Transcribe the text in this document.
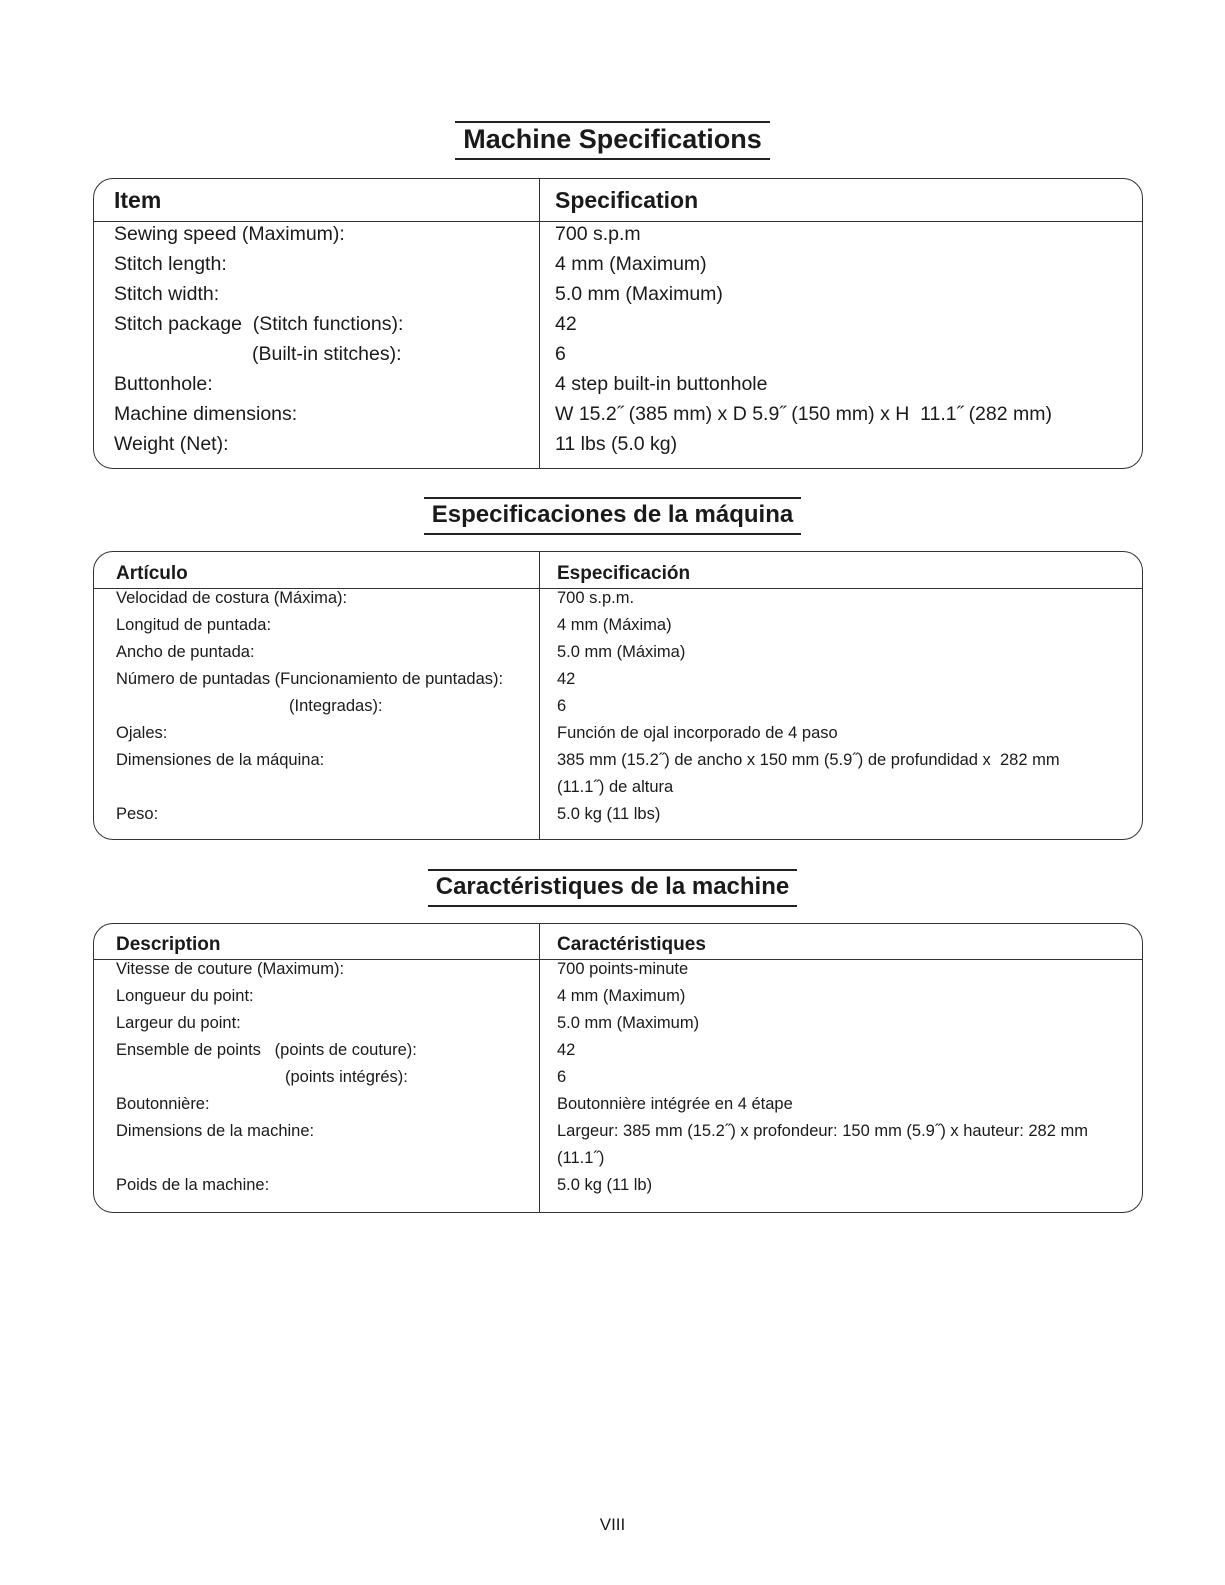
Machine Specifications
Item	Specification
Sewing speed (Maximum):	700 s.p.m
Stitch length:	4 mm (Maximum)
Stitch width:	5.0 mm (Maximum)
Stitch package  (Stitch functions):	42
(Built-in stitches):	6
Buttonhole:	4 step built-in buttonhole
Machine dimensions:	W 15.2˝ (385 mm) x D 5.9˝ (150 mm) x H  11.1˝ (282 mm)
Weight (Net):	11 lbs (5.0 kg)
Especificaciones de la máquina
Artículo	Especificación
Velocidad de costura (Máxima):	700 s.p.m.
Longitud de puntada:	4 mm (Máxima)
Ancho de puntada:	5.0 mm (Máxima)
Número de puntadas (Funcionamiento de puntadas):	42
(Integradas):	6
Ojales:	Función de ojal incorporado de 4 paso
Dimensiones de la máquina:	385 mm (15.2˝) de ancho x 150 mm (5.9˝) de profundidad x  282 mm
(11.1˝) de altura
Peso:	5.0 kg (11 lbs)
Caractéristiques de la machine
Description	Caractéristiques
Vitesse de couture (Maximum):	700 points-minute
Longueur du point:	4 mm (Maximum)
Largeur du point:	5.0 mm (Maximum)
Ensemble de points   (points de couture):	42
(points intégrés):	6
Boutonnière:	Boutonnière intégrée en 4 étape
Dimensions de la machine:	Largeur: 385 mm (15.2˝) x profondeur: 150 mm (5.9˝) x hauteur: 282 mm
(11.1˝)
Poids de la machine:	5.0 kg (11 lb)
VIII
